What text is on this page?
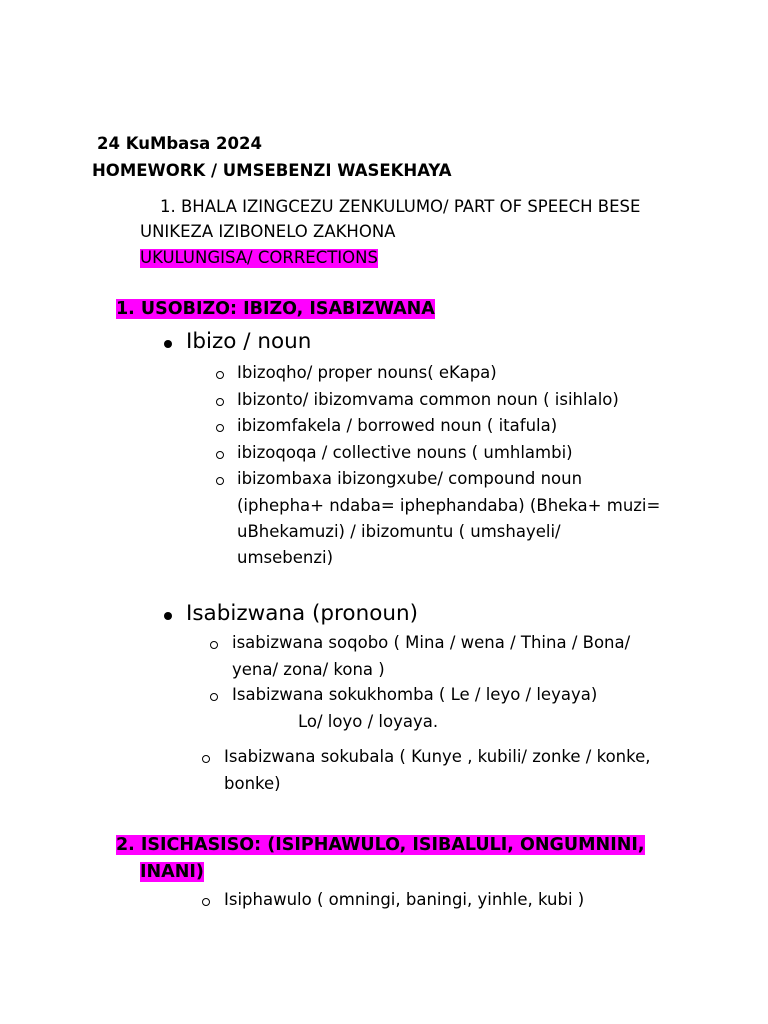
24 KuMbasa 2024
HOMEWORK / UMSEBENZI WASEKHAYA
1. BHALA IZINGCEZU ZENKULUMO/ PART OF SPEECH BESE
UNIKEZA IZIBONELO ZAKHONA
UKULUNGISA/ CORRECTIONS
1. USOBIZO: IBIZO, ISABIZWANA
Ibizo / noun
Ibizoqho/ proper nouns( eKapa)
Ibizonto/ ibizomvama common noun ( isihlalo)
ibizomfakela / borrowed noun ( itafula)
ibizoqoqa / collective nouns ( umhlambi)
ibizombaxa ibizongxube/ compound noun
(iphepha+ ndaba= iphephandaba) (Bheka+ muzi=
uBhekamuzi) / ibizomuntu ( umshayeli/
umsebenzi)
Isabizwana (pronoun)
isabizwana soqobo ( Mina / wena / Thina / Bona/
yena/ zona/ kona )
Isabizwana sokukhomba ( Le / leyo / leyaya)
Lo/ loyo / loyaya.
Isabizwana sokubala ( Kunye , kubili/ zonke / konke,
bonke)
2. ISICHASISO: (ISIPHAWULO, ISIBALULI, ONGUMNINI,
INANI)
Isiphawulo ( omningi, baningi, yinhle, kubi )
